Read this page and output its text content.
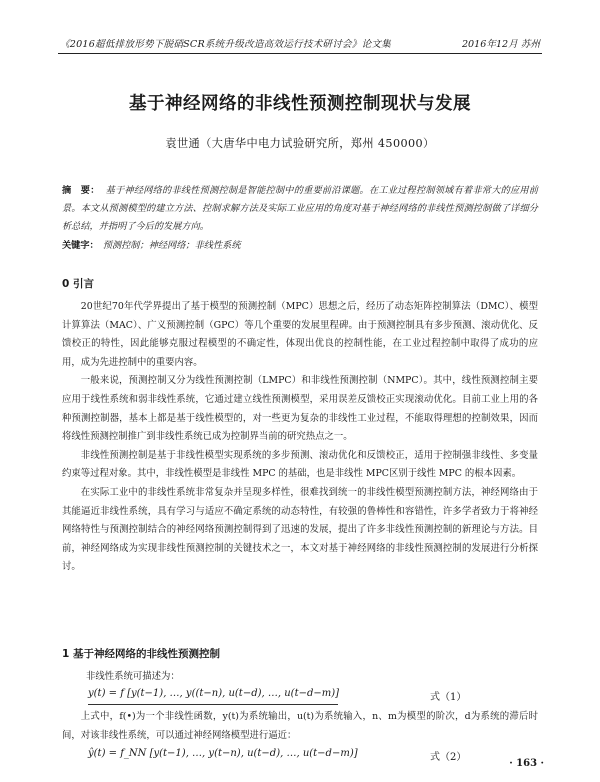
《2016超低排放形势下脱硝SCR系统升级改造高效运行技术研讨会》论文集	2016年12月 苏州
基于神经网络的非线性预测控制现状与发展
袁世通（大唐华中电力试验研究所，郑州 450000）
摘　要： 基于神经网络的非线性预测控制是智能控制中的重要前沿课题。在工业过程控制领域有着非常大的应用前景。本文从预测模型的建立方法、控制求解方法及实际工业应用的角度对基于神经网络的非线性预测控制做了详细分析总结，并指明了今后的发展方向。
关键字： 预测控制；神经网络；非线性系统
0 引言

20世纪70年代学界提出了基于模型的预测控制（MPC）思想之后，经历了动态矩阵控制算法（DMC）、模型计算算法（MAC）、广义预测控制（GPC）等几个重要的发展里程碑。由于预测控制具有多步预测、滚动优化、反馈校正的特性，因此能够克服过程模型的不确定性，体现出优良的控制性能，在工业过程控制中取得了成功的应用，成为先进控制中的重要内容。

一般来说，预测控制又分为线性预测控制（LMPC）和非线性预测控制（NMPC）。其中，线性预测控制主要应用于线性系统和弱非线性系统，它通过建立线性预测模型，采用误差反馈校正实现滚动优化。目前工业上用的各种预测控制器，基本上都是基于线性模型的，对一些更为复杂的非线性工业过程，不能取得理想的控制效果，因而将线性预测控制推广到非线性系统已成为控制界当前的研究热点之一。

非线性预测控制是基于非线性模型实现系统的多步预测、滚动优化和反馈校正，适用于控制强非线性、多变量约束等过程对象。其中，非线性模型是非线性 MPC 的基础，也是非线性 MPC区别于线性 MPC 的根本因素。

在实际工业中的非线性系统非常复杂并呈现多样性，很难找到统一的非线性模型预测控制方法，神经网络由于其能逼近非线性系统，具有学习与适应不确定系统的动态特性，有较强的鲁棒性和容错性，许多学者致力于将神经网络特性与预测控制结合的神经网络预测控制得到了迅速的发展，提出了许多非线性预测控制的新理论与方法。目前，神经网络成为实现非线性预测控制的关键技术之一，本文对基于神经网络的非线性预测控制的发展进行分析探讨。

1 基于神经网络的非线性预测控制
非线性系统可描述为：
y(t) = f [y(t−1), …, y((t−n), u(t−d), …, u(t−d−m)]	式（1）

上式中，f(•)为一个非线性函数，y(t)为系统输出，u(t)为系统输入，n、m为模型的阶次，d为系统的滞后时间，对该非线性系统，可以通过神经网络模型进行逼近：

ŷ(t) = f_NN [y(t−1), …, y(t−n), u(t−d), …, u(t−d−m)]	式（2）
· 163 ·
